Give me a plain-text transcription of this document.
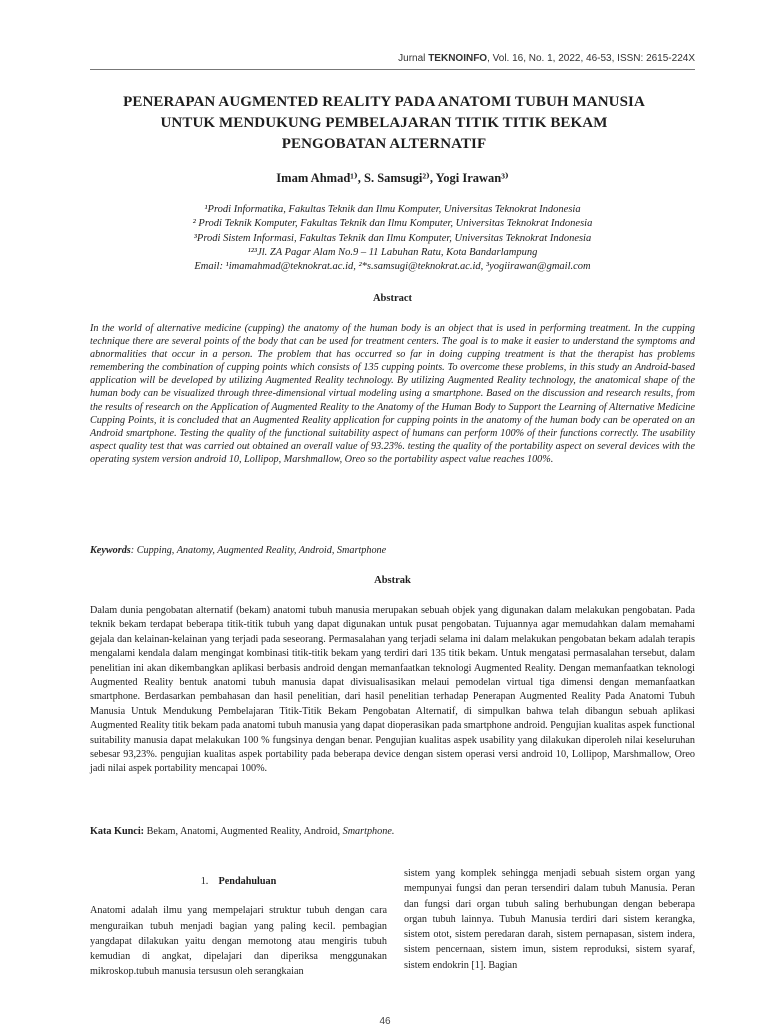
Jurnal TEKNOINFO, Vol. 16, No. 1, 2022, 46-53, ISSN: 2615-224X
PENERAPAN AUGMENTED REALITY PADA ANATOMI TUBUH MANUSIA
UNTUK MENDUKUNG PEMBELAJARAN TITIK TITIK BEKAM
PENGOBATAN ALTERNATIF
Imam Ahmad¹⁾, S. Samsugi²⁾, Yogi Irawan³⁾
¹Prodi Informatika, Fakultas Teknik dan Ilmu Komputer, Universitas Teknokrat Indonesia
² Prodi Teknik Komputer, Fakultas Teknik dan Ilmu Komputer, Universitas Teknokrat Indonesia
³Prodi Sistem Informasi, Fakultas Teknik dan Ilmu Komputer, Universitas Teknokrat Indonesia
¹²³Jl. ZA Pagar Alam No.9 – 11 Labuhan Ratu, Kota Bandarlampung
Email: ¹imamahmad@teknokrat.ac.id, ²*s.samsugi@teknokrat.ac.id, ³yogiirawan@gmail.com
Abstract
In the world of alternative medicine (cupping) the anatomy of the human body is an object that is used in performing treatment. In the cupping technique there are several points of the body that can be used for treatment centers. The goal is to make it easier to understand the symptoms and abnormalities that occur in a person. The problem that has occurred so far in doing cupping treatment is that the therapist has problems remembering the combination of cupping points which consists of 135 cupping points. To overcome these problems, in this study an Android-based application will be developed by utilizing Augmented Reality technology. By utilizing Augmented Reality technology, the anatomical shape of the human body can be visualized through three-dimensional virtual modeling using a smartphone. Based on the discussion and research results, from the results of research on the Application of Augmented Reality to the Anatomy of the Human Body to Support the Learning of Alternative Medicine Cupping Points, it is concluded that an Augmented Reality application for cupping points in the anatomy of the human body can be operated on an Android smartphone. Testing the quality of the functional suitability aspect of humans can perform 100% of their functions correctly. The usability aspect quality test that was carried out obtained an overall value of 93.23%. testing the quality of the portability aspect on several devices with the operating system version android 10, Lollipop, Marshmallow, Oreo so the portability aspect value reaches 100%.
Keywords: Cupping, Anatomy, Augmented Reality, Android, Smartphone
Abstrak
Dalam dunia pengobatan alternatif (bekam) anatomi tubuh manusia merupakan sebuah objek yang digunakan dalam melakukan pengobatan. Pada teknik bekam terdapat beberapa titik-titik tubuh yang dapat digunakan untuk pusat pengobatan. Tujuannya agar memudahkan dalam memahami gejala dan kelainan-kelainan yang terjadi pada seseorang. Permasalahan yang terjadi selama ini dalam melakukan pengobatan bekam adalah terapis mengalami kendala dalam mengingat kombinasi titik-titik bekam yang terdiri dari 135 titik bekam. Untuk mengatasi permasalahan tersebut, dalam penelitian ini akan dikembangkan aplikasi berbasis android dengan memanfaatkan teknologi Augmented Reality. Dengan memanfaatkan teknologi Augmented Reality bentuk anatomi tubuh manusia dapat divisualisasikan melaui pemodelan virtual tiga dimensi dengan memanfaatkan smartphone. Berdasarkan pembahasan dan hasil penelitian, dari hasil penelitian terhadap Penerapan Augmented Reality Pada Anatomi Tubuh Manusia Untuk Mendukung Pembelajaran Titik-Titik Bekam Pengobatan Alternatif, di simpulkan bahwa telah dibangun sebuah aplikasi Augmented Reality titik bekam pada anatomi tubuh manusia yang dapat dioperasikan pada smartphone android. Pengujian kualitas aspek functional suitability manusia dapat melakukan 100 % fungsinya dengan benar. Pengujian kualitas aspek usability yang dilakukan diperoleh nilai keseluruhan sebesar 93,23%. pengujian kualitas aspek portability pada beberapa device dengan sistem operasi versi android 10, Lollipop, Marshmallow, Oreo jadi nilai aspek portability mencapai 100%.
Kata Kunci: Bekam, Anatomi, Augmented Reality, Android, Smartphone.
1. Pendahuluan
Anatomi adalah ilmu yang mempelajari struktur tubuh dengan cara menguraikan tubuh menjadi bagian yang paling kecil. pembagian yangdapat dilakukan yaitu dengan memotong atau mengiris tubuh kemudian di angkat, dipelajari dan diperiksa menggunakan mikroskop.tubuh manusia tersusun oleh serangkaian
sistem yang komplek sehingga menjadi sebuah sistem organ yang mempunyai fungsi dan peran tersendiri dalam tubuh Manusia. Peran dan fungsi dari organ tubuh saling berhubungan dengan beberapa organ tubuh lainnya. Tubuh Manusia terdiri dari sistem kerangka, sistem otot, sistem peredaran darah, sistem pernapasan, sistem indera, sistem pencernaan, sistem imun, sistem reproduksi, sistem syaraf, sistem endokrin [1]. Bagian
46
